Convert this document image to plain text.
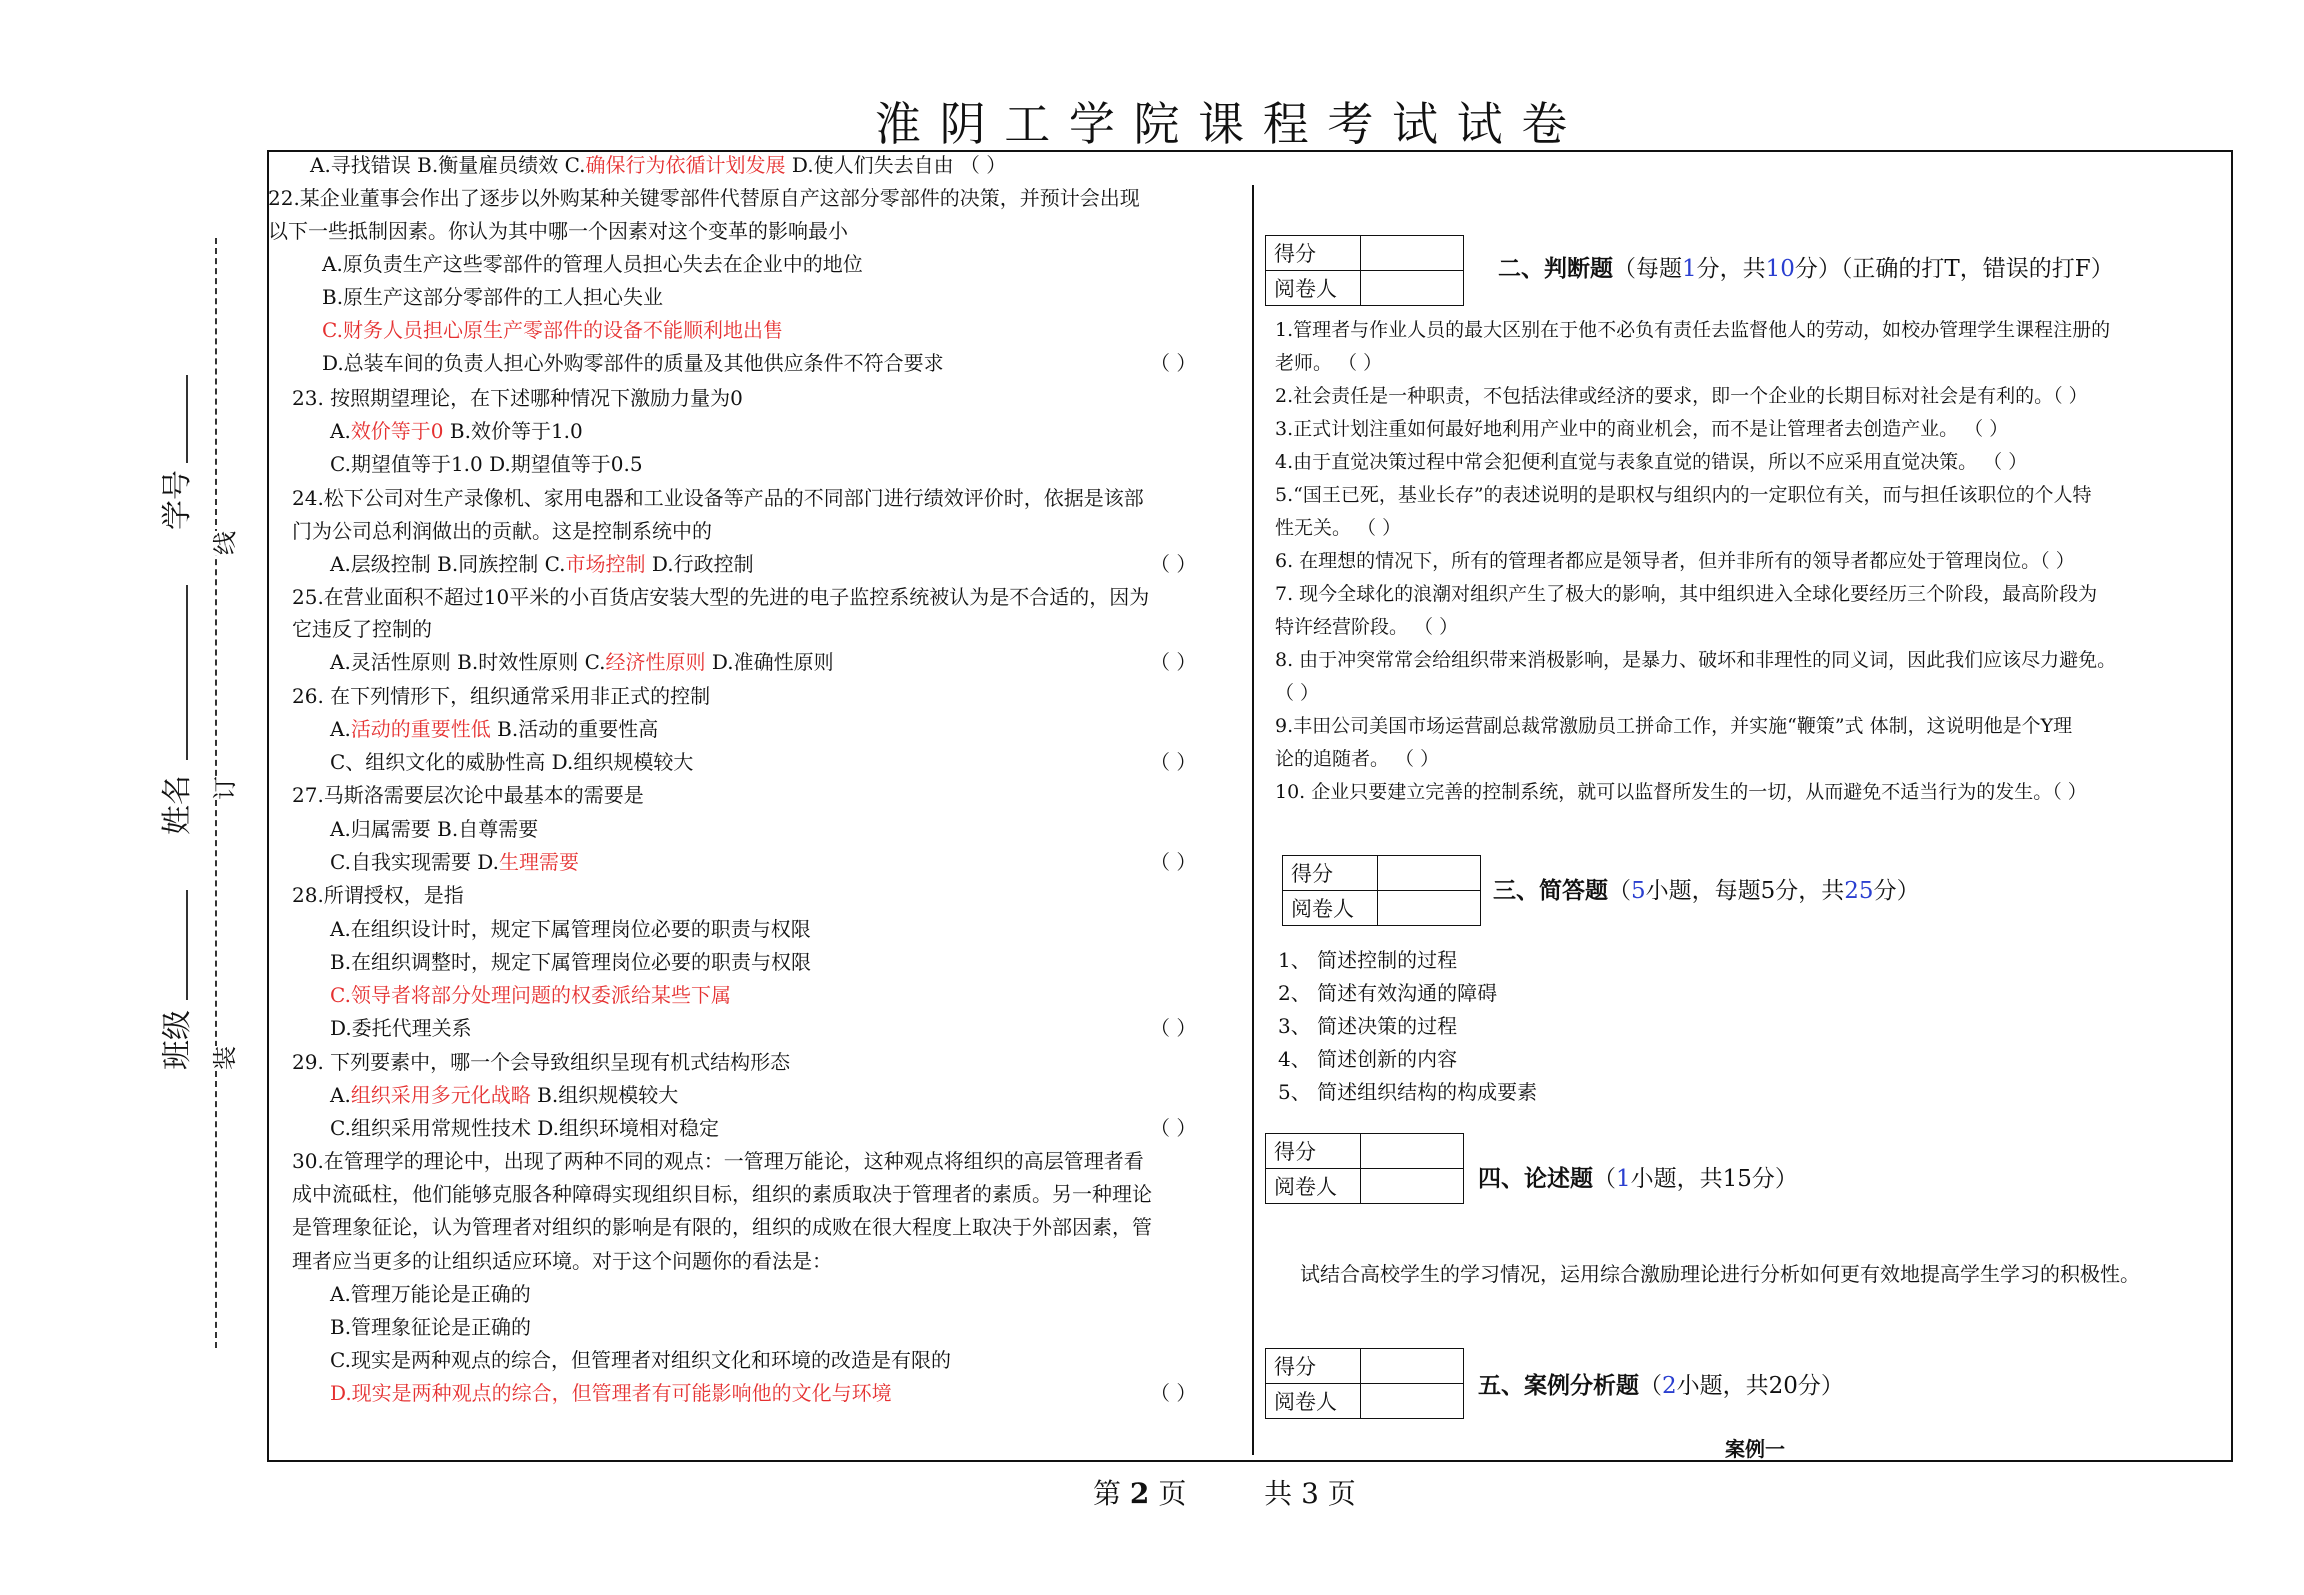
淮 阴 工 学 院 课 程 考 试 试 卷
学号
姓名
班级
线
订
装
A.寻找错误 B.衡量雇员绩效 C.确保行为依循计划发展 D.使人们失去自由 （ ）
22.某企业董事会作出了逐步以外购某种关键零部件代替原自产这部分零部件的决策，并预计会出现
以下一些抵制因素。你认为其中哪一个因素对这个变革的影响最小
A.原负责生产这些零部件的管理人员担心失去在企业中的地位
B.原生产这部分零部件的工人担心失业
C.财务人员担心原生产零部件的设备不能顺利地出售
D.总装车间的负责人担心外购零部件的质量及其他供应条件不符合要求	（ ）
23. 按照期望理论，在下述哪种情况下激励力量为0
A.效价等于0 B.效价等于1.0
C.期望值等于1.0 D.期望值等于0.5
24.松下公司对生产录像机、家用电器和工业设备等产品的不同部门进行绩效评价时，依据是该部
门为公司总利润做出的贡献。这是控制系统中的
A.层级控制 B.同族控制 C.市场控制 D.行政控制	（ ）
25.在营业面积不超过10平米的小百货店安装大型的先进的电子监控系统被认为是不合适的，因为
它违反了控制的
A.灵活性原则 B.时效性原则 C.经济性原则 D.准确性原则	（ ）
26. 在下列情形下，组织通常采用非正式的控制
A.活动的重要性低 B.活动的重要性高
C、组织文化的威胁性高 D.组织规模较大	（ ）
27.马斯洛需要层次论中最基本的需要是
A.归属需要 B.自尊需要
C.自我实现需要 D.生理需要	（ ）
28.所谓授权，是指
A.在组织设计时，规定下属管理岗位必要的职责与权限
B.在组织调整时，规定下属管理岗位必要的职责与权限
C.领导者将部分处理问题的权委派给某些下属
D.委托代理关系	（ ）
29. 下列要素中，哪一个会导致组织呈现有机式结构形态
A.组织采用多元化战略 B.组织规模较大
C.组织采用常规性技术 D.组织环境相对稳定	（ ）
30.在管理学的理论中，出现了两种不同的观点：一管理万能论，这种观点将组织的高层管理者看
成中流砥柱，他们能够克服各种障碍实现组织目标，组织的素质取决于管理者的素质。另一种理论
是管理象征论，认为管理者对组织的影响是有限的，组织的成败在很大程度上取决于外部因素，管
理者应当更多的让组织适应环境。对于这个问题你的看法是：
A.管理万能论是正确的
B.管理象征论是正确的
C.现实是两种观点的综合，但管理者对组织文化和环境的改造是有限的
D.现实是两种观点的综合，但管理者有可能影响他的文化与环境	（ ）
得分	
阅卷人	
二、判断题（每题1分，共10分）（正确的打T，错误的打F）
1.管理者与作业人员的最大区别在于他不必负有责任去监督他人的劳动，如校办管理学生课程注册的
老师。 （ ）
2.社会责任是一种职责，不包括法律或经济的要求，即一个企业的长期目标对社会是有利的。（ ）
3.正式计划注重如何最好地利用产业中的商业机会，而不是让管理者去创造产业。 （ ）
4.由于直觉决策过程中常会犯便利直觉与表象直觉的错误，所以不应采用直觉决策。 （ ）
5.“国王已死，基业长存”的表述说明的是职权与组织内的一定职位有关，而与担任该职位的个人特
性无关。 （ ）
6. 在理想的情况下，所有的管理者都应是领导者，但并非所有的领导者都应处于管理岗位。（ ）
7. 现今全球化的浪潮对组织产生了极大的影响，其中组织进入全球化要经历三个阶段，最高阶段为
特许经营阶段。 （ ）
8. 由于冲突常常会给组织带来消极影响，是暴力、破坏和非理性的同义词，因此我们应该尽力避免。
（ ）
9.丰田公司美国市场运营副总裁常激励员工拼命工作，并实施“鞭策”式 体制，这说明他是个Y理
论的追随者。 （ ）
10. 企业只要建立完善的控制系统，就可以监督所发生的一切，从而避免不适当行为的发生。（ ）
得分	
阅卷人	
三、简答题（5小题，每题5分，共25分）
1、 简述控制的过程
2、 简述有效沟通的障碍
3、 简述决策的过程
4、 简述创新的内容
5、 简述组织结构的构成要素
得分	
阅卷人		四、论述题（1小题，共15分）
试结合高校学生的学习情况，运用综合激励理论进行分析如何更有效地提高学生学习的积极性。
得分	
阅卷人	
五、案例分析题（2小题，共20分）
案例一
第 2 页	共 3 页
